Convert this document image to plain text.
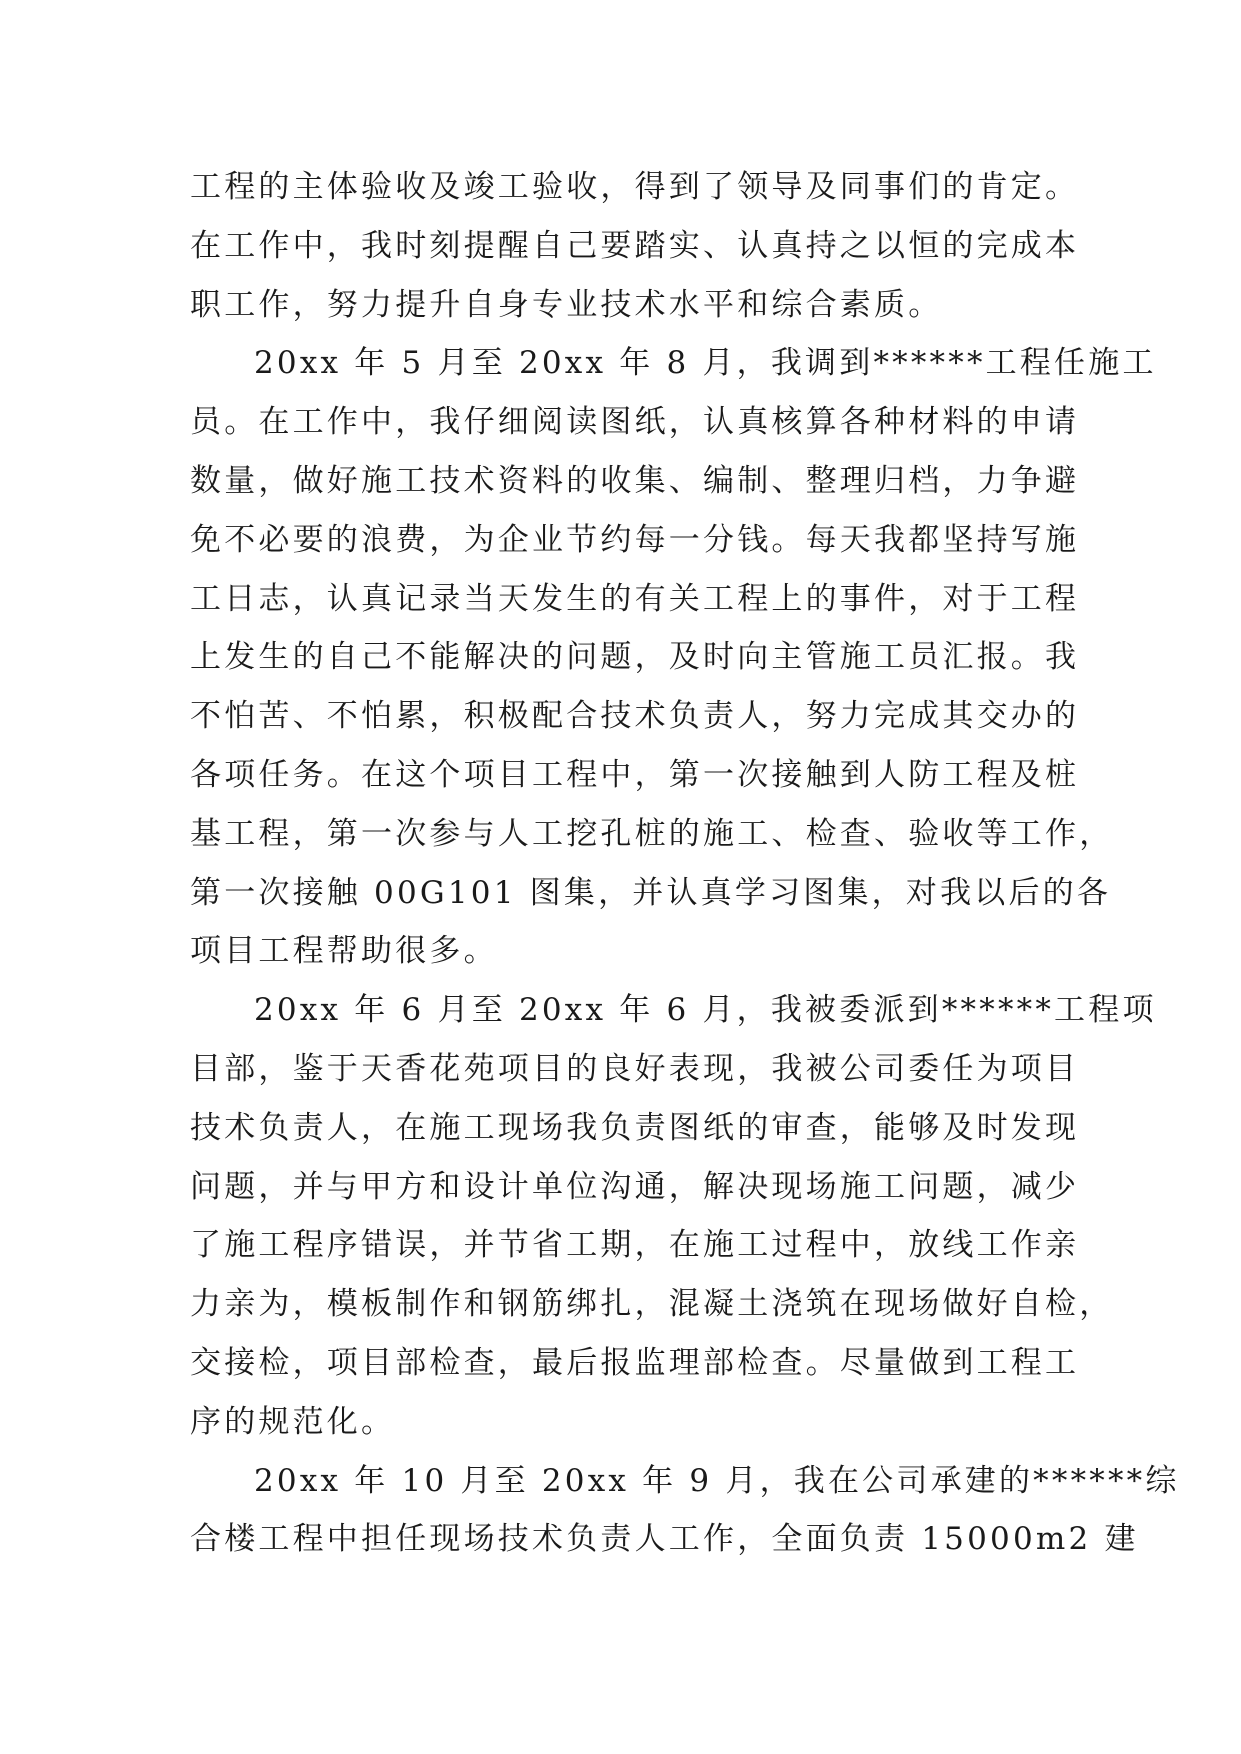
工程的主体验收及竣工验收，得到了领导及同事们的肯定。
在工作中，我时刻提醒自己要踏实、认真持之以恒的完成本
职工作，努力提升自身专业技术水平和综合素质。
20xx 年 5 月至 20xx 年 8 月，我调到******工程任施工
员。在工作中，我仔细阅读图纸，认真核算各种材料的申请
数量，做好施工技术资料的收集、编制、整理归档，力争避
免不必要的浪费，为企业节约每一分钱。每天我都坚持写施
工日志，认真记录当天发生的有关工程上的事件，对于工程
上发生的自己不能解决的问题，及时向主管施工员汇报。我
不怕苦、不怕累，积极配合技术负责人，努力完成其交办的
各项任务。在这个项目工程中，第一次接触到人防工程及桩
基工程，第一次参与人工挖孔桩的施工、检查、验收等工作，
第一次接触 00G101 图集，并认真学习图集，对我以后的各
项目工程帮助很多。
20xx 年 6 月至 20xx 年 6 月，我被委派到******工程项
目部，鉴于天香花苑项目的良好表现，我被公司委任为项目
技术负责人，在施工现场我负责图纸的审查，能够及时发现
问题，并与甲方和设计单位沟通，解决现场施工问题，减少
了施工程序错误，并节省工期，在施工过程中，放线工作亲
力亲为，模板制作和钢筋绑扎，混凝土浇筑在现场做好自检，
交接检，项目部检查，最后报监理部检查。尽量做到工程工
序的规范化。
20xx 年 10 月至 20xx 年 9 月，我在公司承建的******综
合楼工程中担任现场技术负责人工作，全面负责 15000m2 建
